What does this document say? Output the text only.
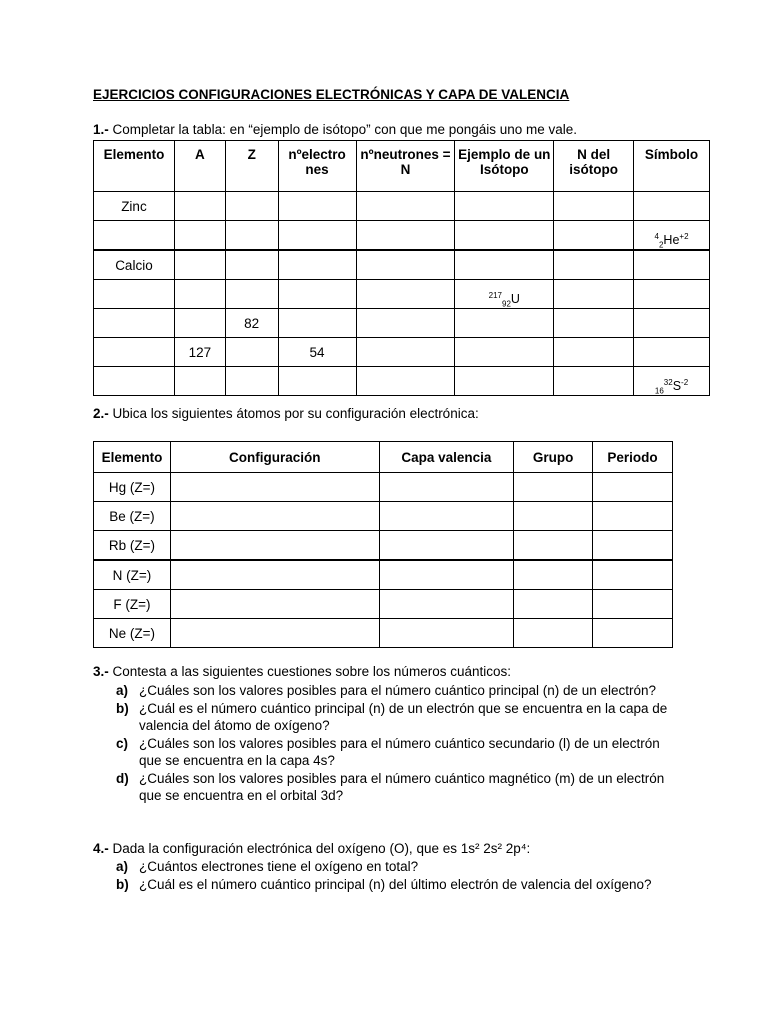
EJERCICIOS CONFIGURACIONES ELECTRÓNICAS Y CAPA DE VALENCIA
1.- Completar la tabla: en “ejemplo de isótopo” con que me pongáis uno me vale.
Elemento	A	Z	nºelectro nes	nºneutrones = N	Ejemplo de un Isótopo	N del isótopo	Símbolo
Zinc							
							$^4_2He^{+2}$
Calcio							
					$^{217}_{92}$U		
		82					
	127		54				
							$_{16}^{32}S^{-2}$
2.- Ubica los siguientes átomos por su configuración electrónica:
Elemento	Configuración	Capa valencia	Grupo	Periodo
Hg (Z=)				
Be (Z=)				
Rb (Z=)				
N (Z=)				
F (Z=)				
Ne (Z=)				
3.- Contesta a las siguientes cuestiones sobre los números cuánticos:
a) ¿Cuáles son los valores posibles para el número cuántico principal (n) de un electrón?
b) ¿Cuál es el número cuántico principal (n) de un electrón que se encuentra en la capa de valencia del átomo de oxígeno?
c) ¿Cuáles son los valores posibles para el número cuántico secundario (l) de un electrón que se encuentra en la capa 4s?
d) ¿Cuáles son los valores posibles para el número cuántico magnético (m) de un electrón que se encuentra en el orbital 3d?
4.- Dada la configuración electrónica del oxígeno (O), que es 1s² 2s² 2p⁴:
a) ¿Cuántos electrones tiene el oxígeno en total?
b) ¿Cuál es el número cuántico principal (n) del último electrón de valencia del oxígeno?
